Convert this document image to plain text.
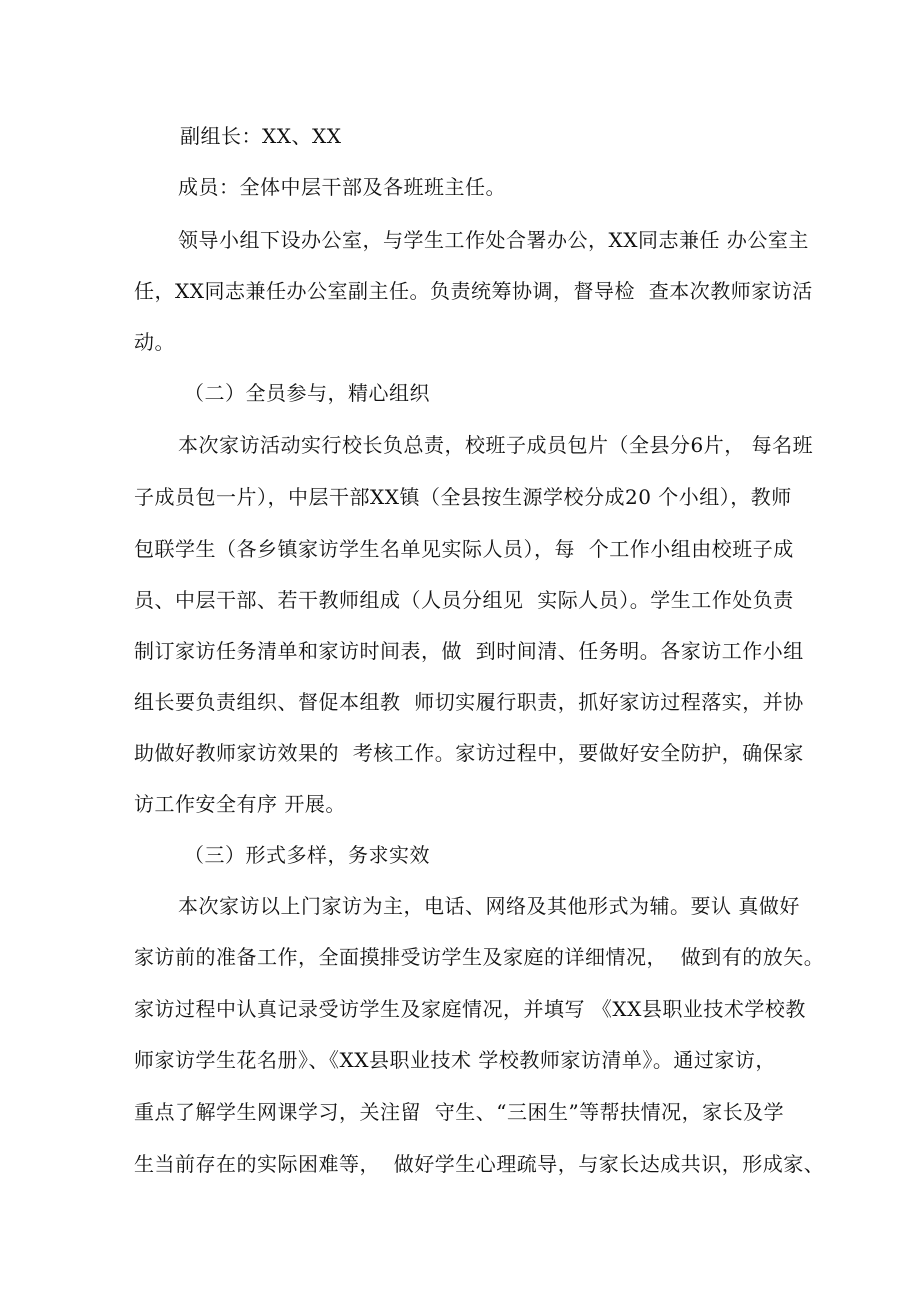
副组长：XX、XX
成员：全体中层干部及各班班主任。
领导小组下设办公室，与学生工作处合署办公，XX同志兼任 办公室主
任，XX同志兼任办公室副主任。负责统筹协调，督导检  查本次教师家访活
动。
（二）全员参与，精心组织
本次家访活动实行校长负总责，校班子成员包片（全县分6片， 每名班
子成员包一片），中层干部XX镇（全县按生源学校分成20 个小组），教师
包联学生（各乡镇家访学生名单见实际人员），每  个工作小组由校班子成
员、中层干部、若干教师组成（人员分组见  实际人员）。学生工作处负责
制订家访任务清单和家访时间表，做  到时间清、任务明。各家访工作小组
组长要负责组织、督促本组教  师切实履行职责，抓好家访过程落实，并协
助做好教师家访效果的  考核工作。家访过程中，要做好安全防护，确保家
访工作安全有序 开展。
（三）形式多样，务求实效
本次家访以上门家访为主，电话、网络及其他形式为辅。要认 真做好
家访前的准备工作，全面摸排受访学生及家庭的详细情况，  做到有的放矢。
家访过程中认真记录受访学生及家庭情况，并填写 《XX县职业技术学校教
师家访学生花名册》、《XX县职业技术 学校教师家访清单》。通过家访，
重点了解学生网课学习，关注留  守生、“三困生”等帮扶情况，家长及学
生当前存在的实际困难等，  做好学生心理疏导，与家长达成共识，形成家、
